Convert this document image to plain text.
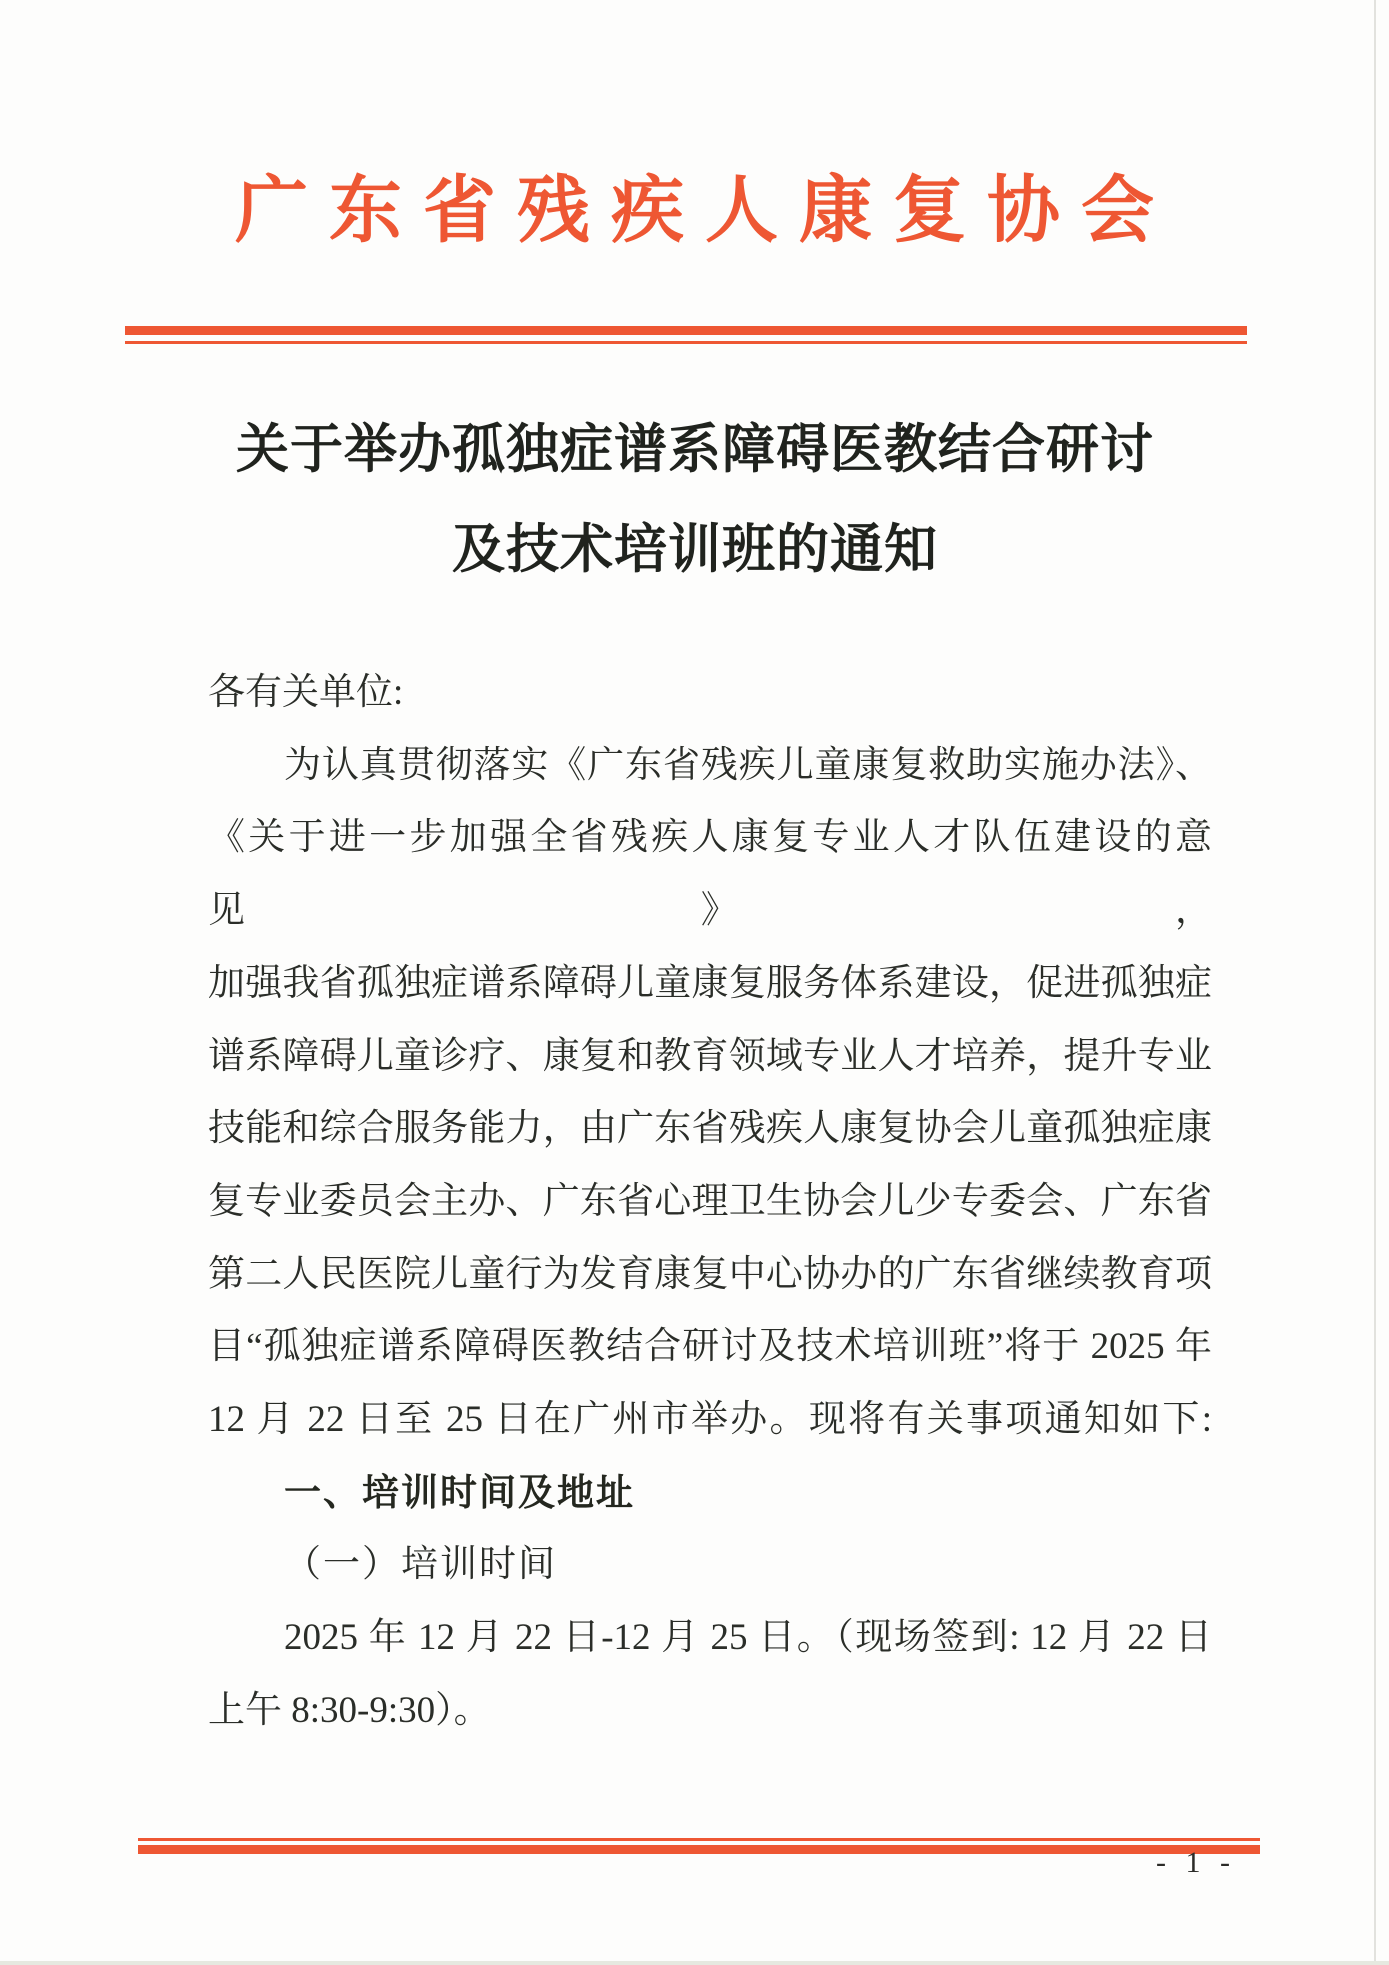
广东省残疾人康复协会
关于举办孤独症谱系障碍医教结合研讨
及技术培训班的通知
各有关单位:
为认真贯彻落实《广东省残疾儿童康复救助实施办法》、
《关于进一步加强全省残疾人康复专业人才队伍建设的意见》，
加强我省孤独症谱系障碍儿童康复服务体系建设，促进孤独症
谱系障碍儿童诊疗、康复和教育领域专业人才培养，提升专业
技能和综合服务能力，由广东省残疾人康复协会儿童孤独症康
复专业委员会主办、广东省心理卫生协会儿少专委会、广东省
第二人民医院儿童行为发育康复中心协办的广东省继续教育项
目“孤独症谱系障碍医教结合研讨及技术培训班”将于 2025 年
12 月 22 日至 25 日在广州市举办。现将有关事项通知如下:
一、培训时间及地址
（一）培训时间
2025 年 12 月 22 日-12 月 25 日。（现场签到: 12 月 22 日
上午 8:30-9:30）。
- 1 -
